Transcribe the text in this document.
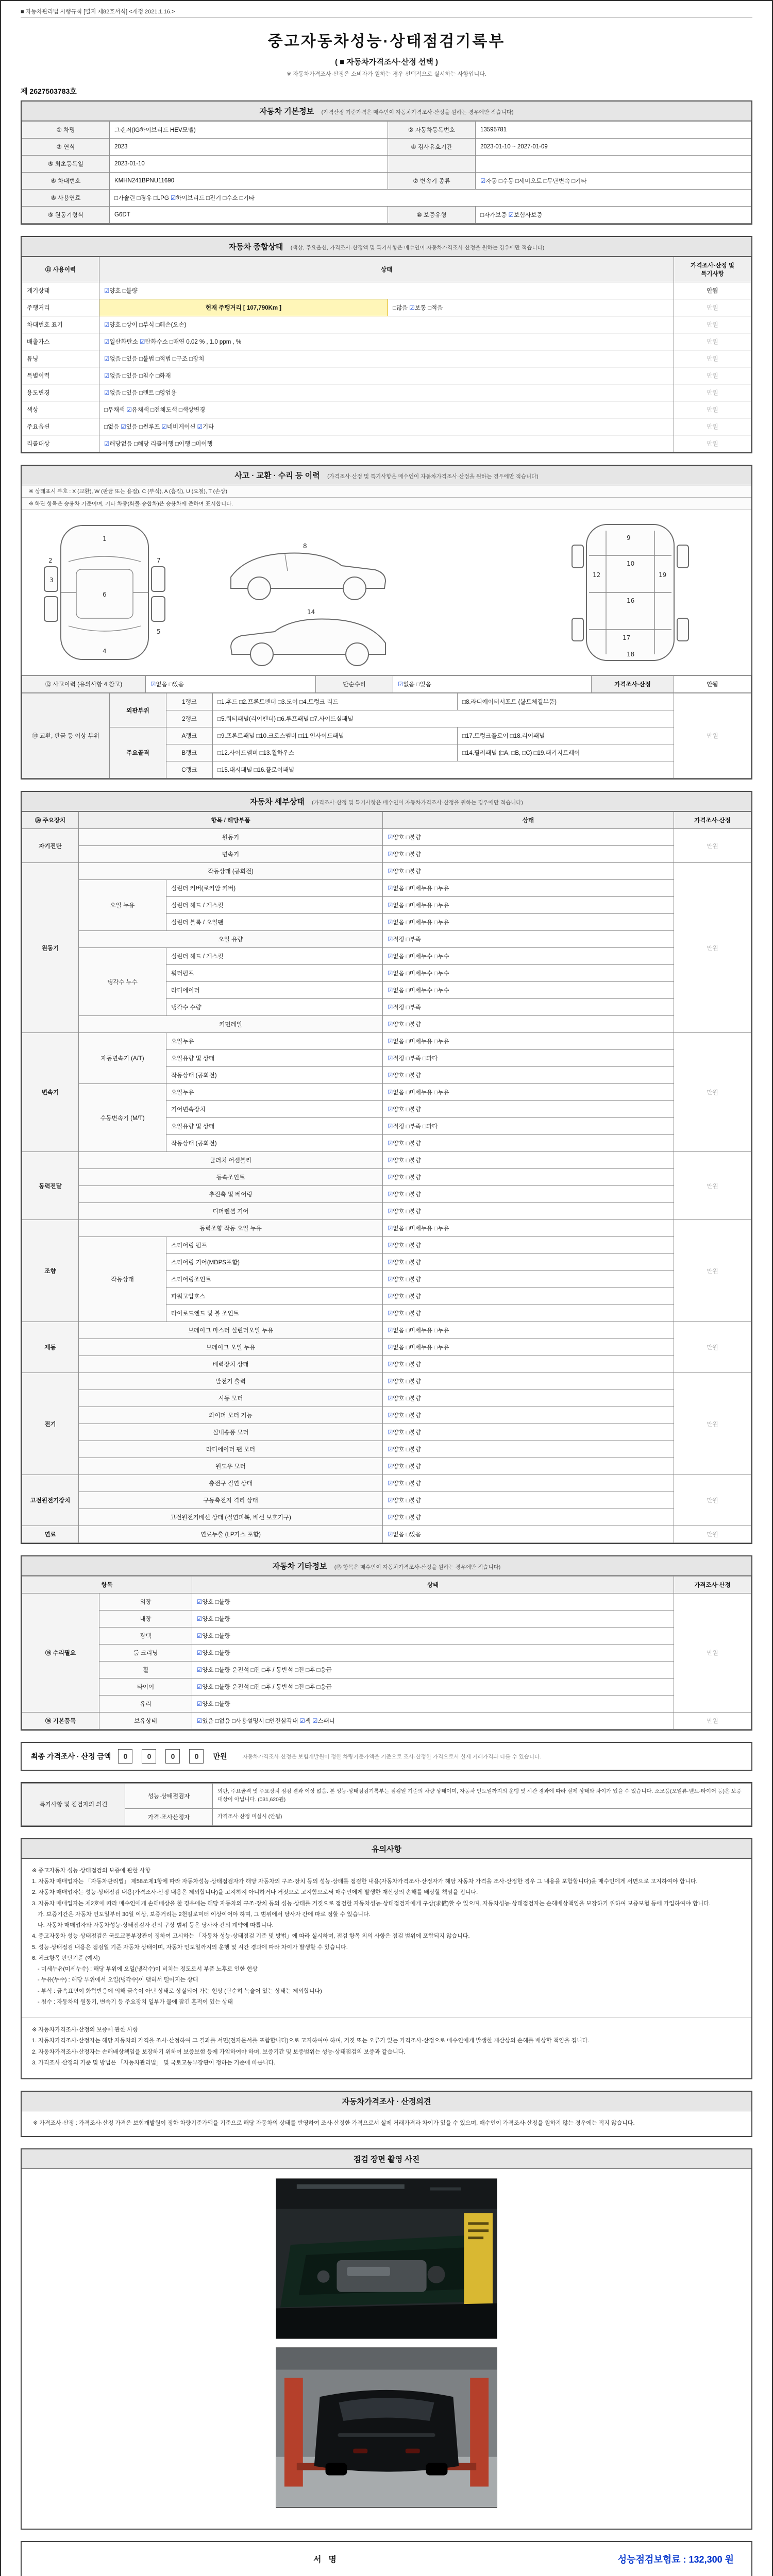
■ 자동차관리법 시행규칙 [별지 제82호서식] <개정 2021.1.16.>
중고자동차성능·상태점검기록부
( ■ 자동차가격조사·산정 선택 )
※ 자동차가격조사·산정은 소비자가 원하는 경우 선택적으로 실시하는 사항입니다.
제 2627503783호
자동차 기본정보 (가격산정 기준가격은 매수인이 자동차가격조사·산정을 원하는 경우에만 적습니다)
① 차명	그랜저(IG하이브리드 HEV모델)	② 자동차등록번호	13595781
③ 연식	2023	④ 검사유효기간	2023-01-10 ~ 2027-01-09
⑤ 최초등록일	2023-01-10		
⑥ 차대번호	KMHN241BPNU11690	⑦ 변속기 종류	☑자동 □수동 □세미오토 □무단변속 □기타
⑧ 사용연료	□가솔린 □경유 □LPG ☑하이브리드 □전기 □수소 □기타		
⑨ 원동기형식	G6DT	⑩ 보증유형	□자가보증 ☑보험사보증
자동차 종합상태 (색상, 주요옵션, 가격조사·산정액 및 특기사항은 매수인이 자동차가격조사·산정을 원하는 경우에만 적습니다)
⑪ 사용이력	상태		가격조사·산정 및 특기사항
계기상태	☑양호 □불량		안됨
주행거리	현재 주행거리 [ 107,790Km ]	□많음 ☑보통 □적음	만원
차대번호 표기	☑양호 □상이 □부식 □훼손(오손)		만원
배출가스	☑일산화탄소 ☑탄화수소 □매연 0.02 % , 1.0 ppm , %		만원
튜닝	☑없음 □있음 □불법 □적법 □구조 □장치		만원
특별이력	☑없음 □있음 □침수 □화재		만원
용도변경	☑없음 □있음 □렌트 □영업용		만원
색상	□무채색 ☑유채색 □전체도색 □색상변경		만원
주요옵션	□없음 ☑있음 □썬루프 ☑네비게이션 ☑기타		만원
리콜대상	☑해당없음 □해당 리콜이행 □이행 □미이행		만원
사고 · 교환 · 수리 등 이력 (가격조사·산정 및 특기사항은 매수인이 자동차가격조사·산정을 원하는 경우에만 적습니다)
※ 상태표시 부호 : X (교환), W (판금 또는 용접), C (부식), A (흠집), U (요철), T (손상)
※ 하단 항목은 승용차 기준이며, 기타 차종(화물·승합차)은 승용차에 준하여 표시합니다.
1
2
3
4
5
6
7
8
14
9
10
12
16
17
18
19
⑫ 사고이력 (유의사항 4 참고)	☑없음 □있음	단순수리	☑없음 □있음	가격조사·산정	안됨
⑬ 교환, 판금 등 이상 부위	외판부위	1랭크	□1.후드 □2.프론트펜더 □3.도어 □4.트렁크 리드	□8.라디에이터서포트 (볼트체결부품)	만원
		2랭크	□5.쿼터패널(리어펜더) □6.루프패널 □7.사이드실패널		
	주요골격	A랭크	□9.프론트패널 □10.크로스멤버 □11.인사이드패널	□17.트렁크플로어 □18.리어패널	
		B랭크	□12.사이드멤버 □13.휠하우스	□14.필러패널 (□A, □B, □C) □19.패키지트레이	
		C랭크	□15.대시패널 □16.플로어패널		
자동차 세부상태 (가격조사·산정 및 특기사항은 매수인이 자동차가격조사·산정을 원하는 경우에만 적습니다)
⑭ 주요장치	항목 / 해당부품		상태	가격조사·산정
자기진단	원동기		☑양호 □불량	만원
	변속기		☑양호 □불량	
원동기	작동상태 (공회전)		☑양호 □불량	만원
	오일 누유	실린더 커버(로커암 커버)	☑없음 □미세누유 □누유	
		실린더 헤드 / 개스킷	☑없음 □미세누유 □누유	
		실린더 블록 / 오일팬	☑없음 □미세누유 □누유	
	오일 유량		☑적정 □부족	
	냉각수 누수	실린더 헤드 / 개스킷	☑없음 □미세누수 □누수	
		워터펌프	☑없음 □미세누수 □누수	
		라디에이터	☑없음 □미세누수 □누수	
		냉각수 수량	☑적정 □부족	
	커먼레일		☑양호 □불량	
변속기	자동변속기 (A/T)	오일누유	☑없음 □미세누유 □누유	만원
		오일유량 및 상태	☑적정 □부족 □과다	
		작동상태 (공회전)	☑양호 □불량	
	수동변속기 (M/T)	오일누유	☑없음 □미세누유 □누유	
		기어변속장치	☑양호 □불량	
		오일유량 및 상태	☑적정 □부족 □과다	
		작동상태 (공회전)	☑양호 □불량	
동력전달	클러치 어셈블리		☑양호 □불량	만원
	등속조인트		☑양호 □불량	
	추진축 및 베어링		☑양호 □불량	
	디퍼렌셜 기어		☑양호 □불량	
조향	동력조향 작동 오일 누유		☑없음 □미세누유 □누유	만원
	작동상태	스티어링 펌프	☑양호 □불량	
		스티어링 기어(MDPS포함)	☑양호 □불량	
		스티어링조인트	☑양호 □불량	
		파워고압호스	☑양호 □불량	
		타이로드엔드 및 볼 조인트	☑양호 □불량	
제동	브레이크 마스터 실린더오일 누유		☑없음 □미세누유 □누유	만원
	브레이크 오일 누유		☑없음 □미세누유 □누유	
	배력장치 상태		☑양호 □불량	
전기	발전기 출력		☑양호 □불량	만원
	시동 모터		☑양호 □불량	
	와이퍼 모터 기능		☑양호 □불량	
	실내송풍 모터		☑양호 □불량	
	라디에이터 팬 모터		☑양호 □불량	
	윈도우 모터		☑양호 □불량	
고전원전기장치	충전구 절연 상태		☑양호 □불량	만원
	구동축전지 격리 상태		☑양호 □불량	
	고전원전기배선 상태 (절연피복, 배선 보호기구)		☑양호 □불량	
연료	연료누출 (LP가스 포함)		☑없음 □있음	만원
자동차 기타정보 (⑮ 항목은 매수인이 자동차가격조사·산정을 원하는 경우에만 적습니다)
항목		상태	가격조사·산정
⑮ 수리필요	외장	☑양호 □불량	만원
	내장	☑양호 □불량	
	광택	☑양호 □불량	
	룸 크리닝	☑양호 □불량	
	휠	☑양호 □불량 운전석 □전 □후 / 동반석 □전 □후 □응급	
	타이어	☑양호 □불량 운전석 □전 □후 / 동반석 □전 □후 □응급	
	유리	☑양호 □불량	
⑯ 기본품목	보유상태	☑있음 □없음 □사용설명서 □안전삼각대 ☑잭 ☑스패너	만원
최종 가격조사 · 산정 금액	0	0	0	0	만원	자동차가격조사·산정은 보험개발원이 정한 차량기준가액을 기준으로 조사·산정한 가격으로서 실제 거래가격과 다를 수 있습니다.
특기사항 및 점검자의 의견	성능·상태점검자	외판, 주요골격 및 주요장치 점검 결과 이상 없음. 본 성능·상태점검기록부는 점검일 기준의 차량 상태이며, 자동차 인도일까지의 운행 및 시간 경과에 따라 실제 상태와 차이가 있을 수 있습니다. 소모품(오일류·벨트·타이어 등)은 보증 대상이 아닙니다. (031,620원)
	가격·조사산정자	가격조사·산정 미실시 (안됨)
유의사항
※ 중고자동차 성능·상태점검의 보증에 관한 사항
1. 자동차 매매업자는 「자동차관리법」 제58조제1항에 따라 자동차성능·상태점검자가 해당 자동차의 구조·장치 등의 성능·상태를 점검한 내용(자동차가격조사·산정자가 해당 자동차 가격을 조사·산정한 경우 그 내용을 포함합니다)을 매수인에게 서면으로 고지하여야 합니다.
2. 자동차 매매업자는 성능·상태점검 내용(가격조사·산정 내용은 제외합니다)을 고지하지 아니하거나 거짓으로 고지함으로써 매수인에게 발생한 재산상의 손해를 배상할 책임을 집니다.
3. 자동차 매매업자는 제2호에 따라 매수인에게 손해배상을 한 경우에는 해당 자동차의 구조·장치 등의 성능·상태를 거짓으로 점검한 자동차성능·상태점검자에게 구상(求償)할 수 있으며, 자동차성능·상태점검자는 손해배상책임을 보장하기 위하여 보증보험 등에 가입하여야 합니다.
　가. 보증기간은 자동차 인도일부터 30일 이상, 보증거리는 2천킬로미터 이상이어야 하며, 그 범위에서 당사자 간에 따로 정할 수 있습니다.
　나. 자동차 매매업자와 자동차성능·상태점검자 간의 구상 범위 등은 당사자 간의 계약에 따릅니다.
4. 중고자동차 성능·상태점검은 국토교통부장관이 정하여 고시하는 「자동차 성능·상태점검 기준 및 방법」에 따라 실시하며, 점검 항목 외의 사항은 점검 범위에 포함되지 않습니다.
5. 성능·상태점검 내용은 점검일 기준 자동차 상태이며, 자동차 인도일까지의 운행 및 시간 경과에 따라 차이가 발생할 수 있습니다.
6. 체크항목 판단기준 (예시)
　- 미세누유(미세누수) : 해당 부위에 오일(냉각수)이 비치는 정도로서 부품 노후로 인한 현상
　- 누유(누수) : 해당 부위에서 오일(냉각수)이 맺혀서 떨어지는 상태
　- 부식 : 금속표면이 화학반응에 의해 금속이 아닌 상태로 상실되어 가는 현상 (단순히 녹슬어 있는 상태는 제외합니다)
　- 침수 : 자동차의 원동기, 변속기 등 주요장치 일부가 물에 잠긴 흔적이 있는 상태
※ 자동차가격조사·산정의 보증에 관한 사항
1. 자동차가격조사·산정자는 해당 자동차의 가격을 조사·산정하여 그 결과를 서면(전자문서를 포함합니다)으로 고지하여야 하며, 거짓 또는 오류가 있는 가격조사·산정으로 매수인에게 발생한 재산상의 손해를 배상할 책임을 집니다.
2. 자동차가격조사·산정자는 손해배상책임을 보장하기 위하여 보증보험 등에 가입하여야 하며, 보증기간 및 보증범위는 성능·상태점검의 보증과 같습니다.
3. 가격조사·산정의 기준 및 방법은 「자동차관리법」 및 국토교통부장관이 정하는 기준에 따릅니다.
자동차가격조사 · 산정의견
※ 가격조사·산정 : 가격조사·산정 가격은 보험개발원이 정한 차량기준가액을 기준으로 해당 자동차의 상태를 반영하여 조사·산정한 가격으로서 실제 거래가격과 차이가 있을 수 있으며, 매수인이 가격조사·산정을 원하지 않는 경우에는 적지 않습니다.
점검 장면 촬영 사진
서명	성능점검보험료 : 132,300 원
